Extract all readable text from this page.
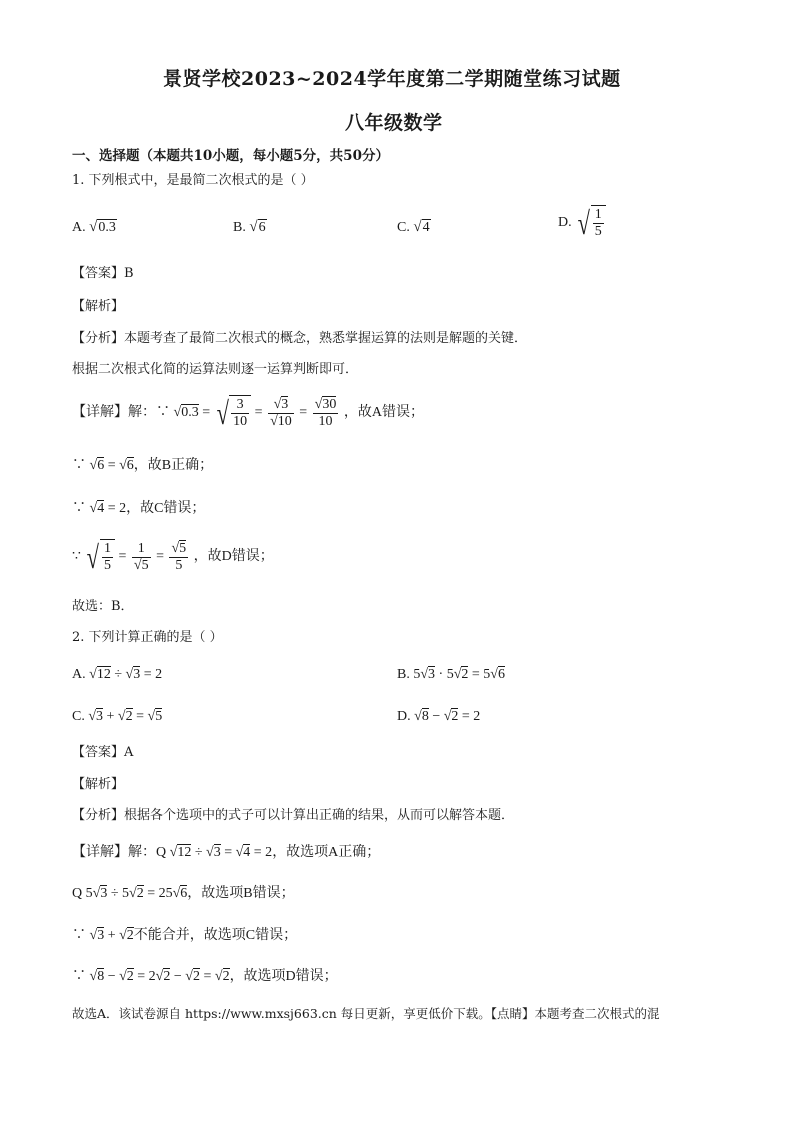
景贤学校2023~2024学年度第二学期随堂练习试题
八年级数学
一、选择题（本题共10小题，每小题5分，共50分）
1. 下列根式中，是最简二次根式的是（ ）
A. √0.3	B. √6	C. √4	D. √ $\frac{1}{5}$
【答案】B
【解析】
【分析】本题考查了最简二次根式的概念，熟悉掌握运算的法则是解题的关键．
根据二次根式化简的运算法则逐一运算判断即可．
【详解】解：∵ √0.3 = √ $\frac{3}{10} = \frac{√3}{√10} = \frac{√30}{10}$ ，故A错误；
∵ √6 = √6，故B正确；
∵ √4 = 2，故C错误；
∵ √ $\frac{1}{5} = \frac{1}{√5} = \frac{√5}{5}$ ，故D错误；
故选：B．
2. 下列计算正确的是（ ）
A. √12 ÷ √3 = 2	B. 5√3 · 5√2 = 5√6
C. √3 + √2 = √5	D. √8 − √2 = 2
【答案】A
【解析】
【分析】根据各个选项中的式子可以计算出正确的结果，从而可以解答本题．
【详解】解：Q √12 ÷ √3 = √4 = 2，故选项A正确；
Q 5√3 ÷ 5√2 = 25√6，故选项B错误；
∵ √3 + √2不能合并，故选项C错误；
∵ √8 − √2 = 2√2 − √2 = √2，故选项D错误；
故选A．该试卷源自 https://www.mxsj663.cn 每日更新，享更低价下载。【点睛】本题考查二次根式的混
